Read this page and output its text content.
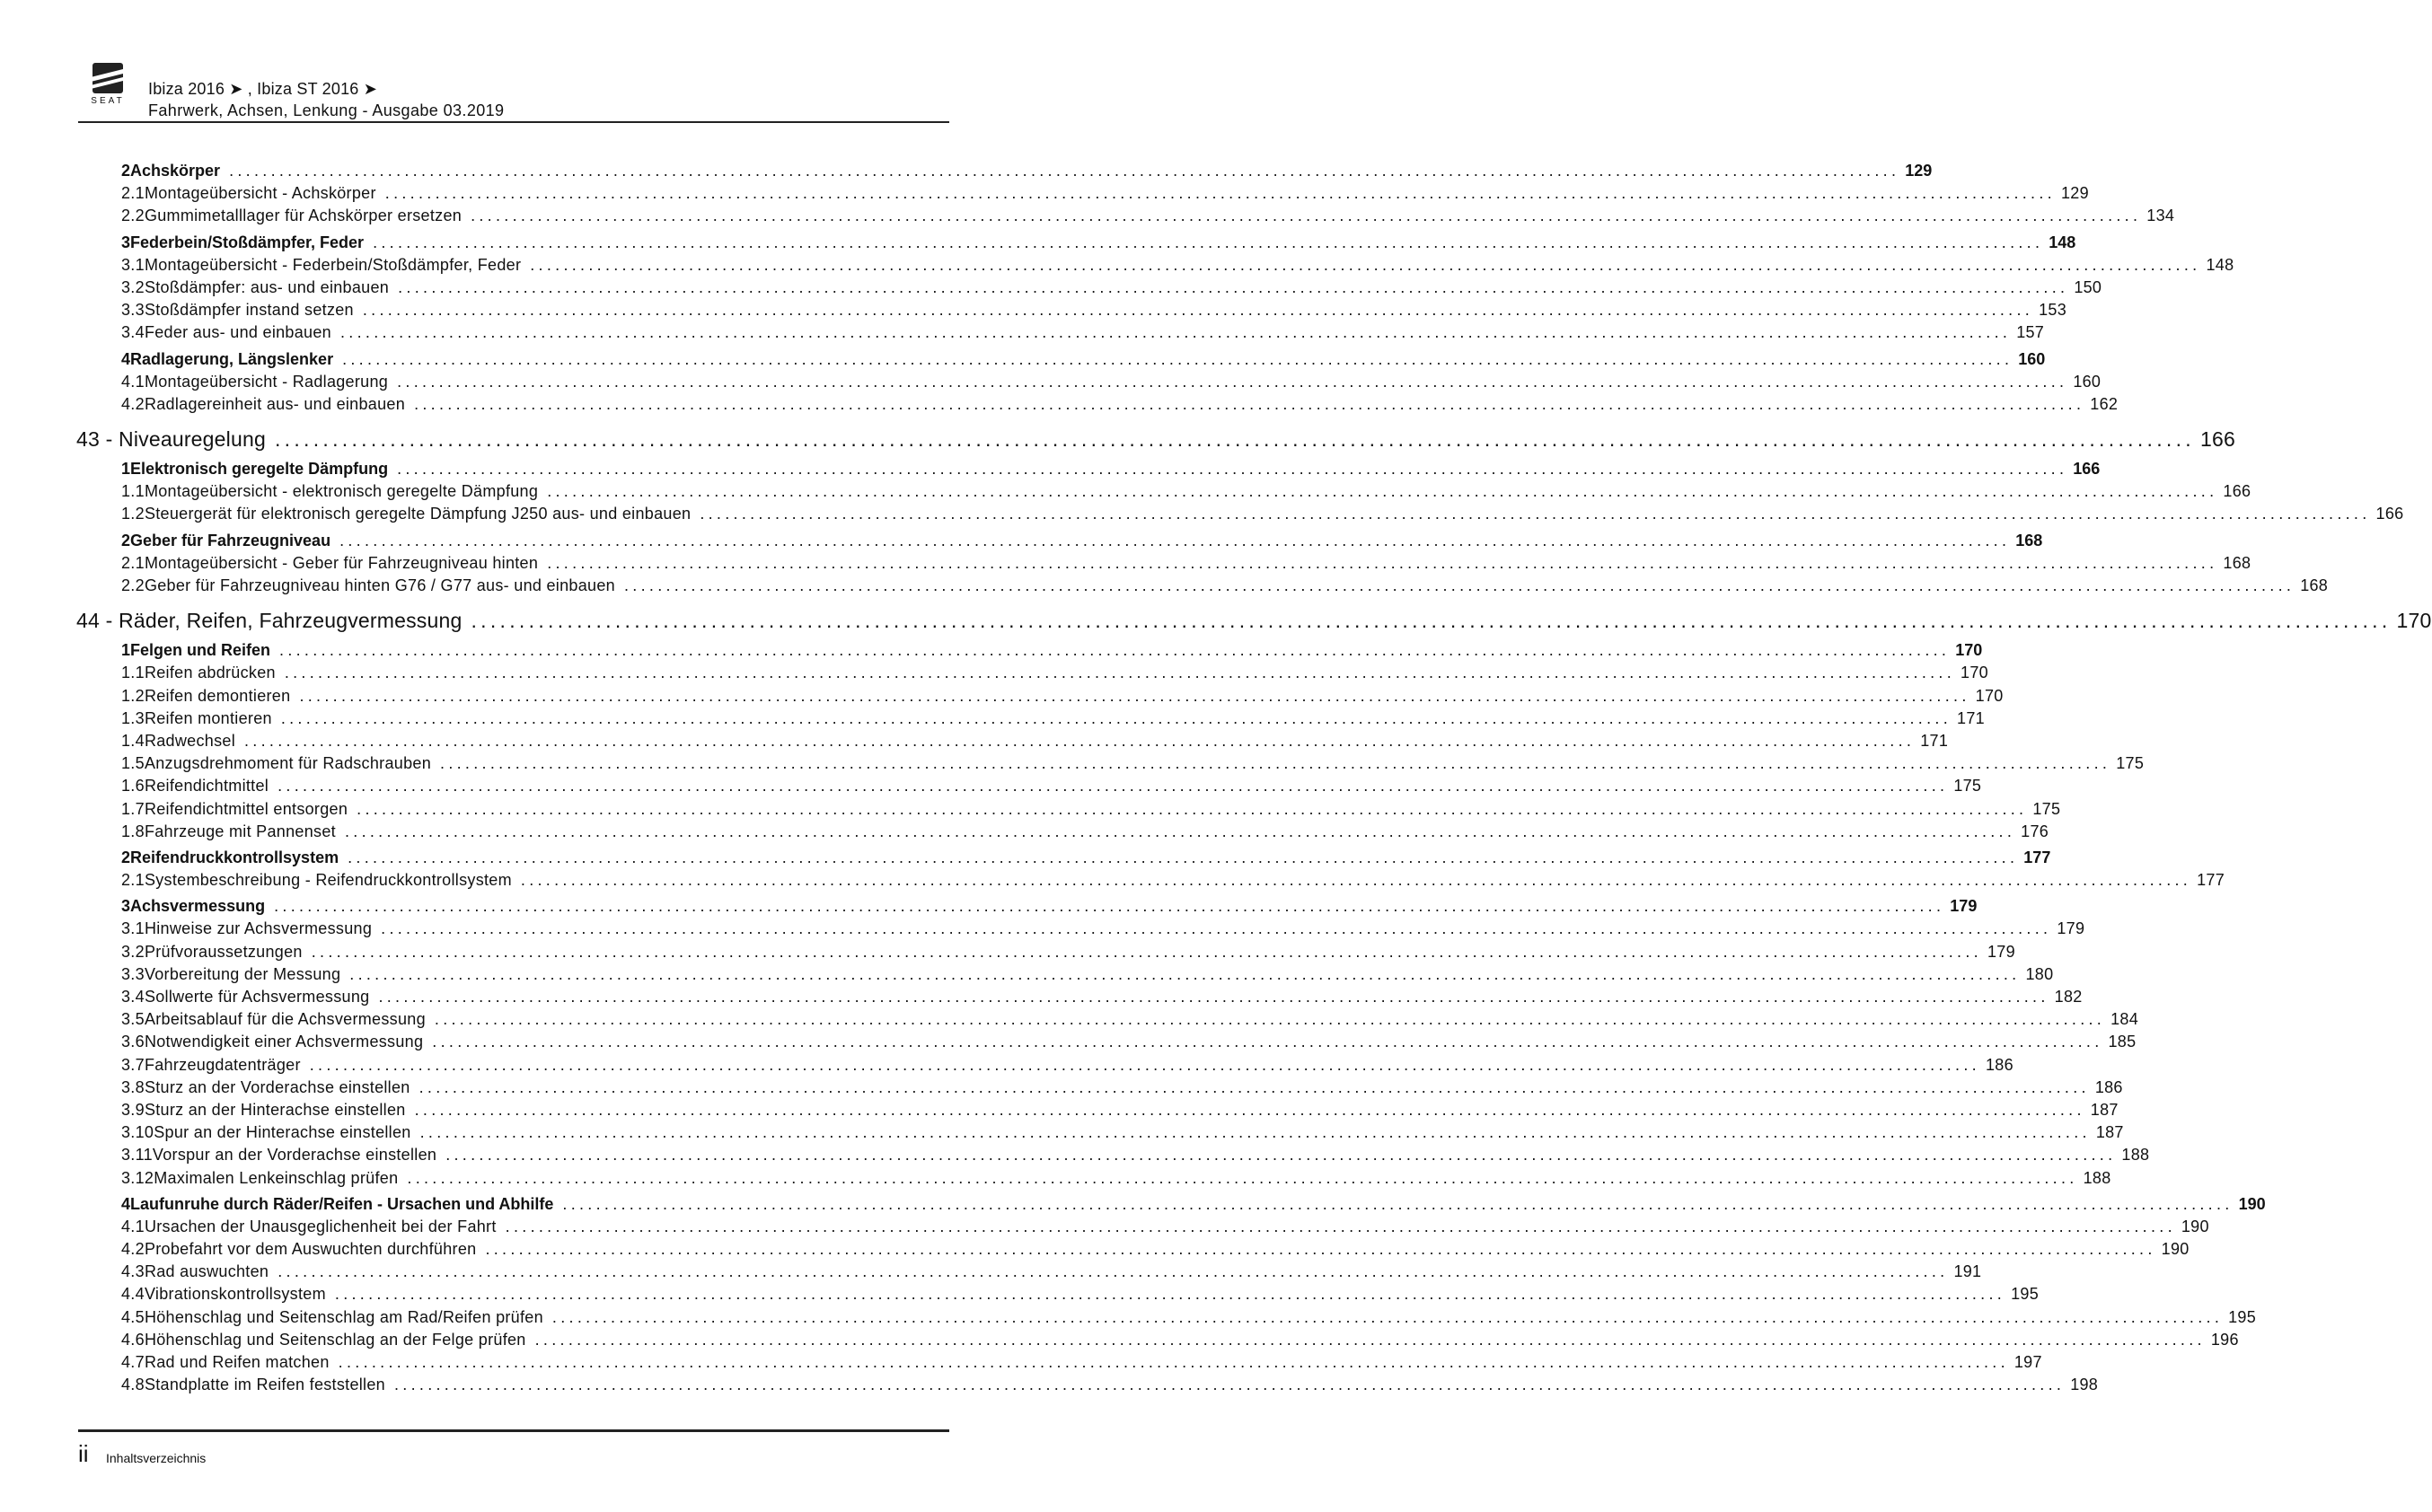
SEAT
Ibiza 2016 ➤ , Ibiza ST 2016 ➤
Fahrwerk, Achsen, Lenkung - Ausgabe 03.2019
2 Achskörper ........................................................................................................................................................................................................ 129
2.1 Montageübersicht - Achskörper ........................................................................................................................................................................................................ 129
2.2 Gummimetalllager für Achskörper ersetzen ........................................................................................................................................................................................................ 134
3 Federbein/Stoßdämpfer, Feder ........................................................................................................................................................................................................ 148
3.1 Montageübersicht - Federbein/Stoßdämpfer, Feder ........................................................................................................................................................................................................ 148
3.2 Stoßdämpfer: aus- und einbauen ........................................................................................................................................................................................................ 150
3.3 Stoßdämpfer instand setzen ........................................................................................................................................................................................................ 153
3.4 Feder aus- und einbauen ........................................................................................................................................................................................................ 157
4 Radlagerung, Längslenker ........................................................................................................................................................................................................ 160
4.1 Montageübersicht - Radlagerung ........................................................................................................................................................................................................ 160
4.2 Radlagereinheit aus- und einbauen ........................................................................................................................................................................................................ 162
43 - Niveauregelung ........................................................................................................................................................................................................ 166
1 Elektronisch geregelte Dämpfung ........................................................................................................................................................................................................ 166
1.1 Montageübersicht - elektronisch geregelte Dämpfung ........................................................................................................................................................................................................ 166
1.2 Steuergerät für elektronisch geregelte Dämpfung J250 aus- und einbauen ........................................................................................................................................................................................................ 166
2 Geber für Fahrzeugniveau ........................................................................................................................................................................................................ 168
2.1 Montageübersicht - Geber für Fahrzeugniveau hinten ........................................................................................................................................................................................................ 168
2.2 Geber für Fahrzeugniveau hinten G76 / G77 aus- und einbauen ........................................................................................................................................................................................................ 168
44 - Räder, Reifen, Fahrzeugvermessung ........................................................................................................................................................................................................ 170
1 Felgen und Reifen ........................................................................................................................................................................................................ 170
1.1 Reifen abdrücken ........................................................................................................................................................................................................ 170
1.2 Reifen demontieren ........................................................................................................................................................................................................ 170
1.3 Reifen montieren ........................................................................................................................................................................................................ 171
1.4 Radwechsel ........................................................................................................................................................................................................ 171
1.5 Anzugsdrehmoment für Radschrauben ........................................................................................................................................................................................................ 175
1.6 Reifendichtmittel ........................................................................................................................................................................................................ 175
1.7 Reifendichtmittel entsorgen ........................................................................................................................................................................................................ 175
1.8 Fahrzeuge mit Pannenset ........................................................................................................................................................................................................ 176
2 Reifendruckkontrollsystem ........................................................................................................................................................................................................ 177
2.1 Systembeschreibung - Reifendruckkontrollsystem ........................................................................................................................................................................................................ 177
3 Achsvermessung ........................................................................................................................................................................................................ 179
3.1 Hinweise zur Achsvermessung ........................................................................................................................................................................................................ 179
3.2 Prüfvoraussetzungen ........................................................................................................................................................................................................ 179
3.3 Vorbereitung der Messung ........................................................................................................................................................................................................ 180
3.4 Sollwerte für Achsvermessung ........................................................................................................................................................................................................ 182
3.5 Arbeitsablauf für die Achsvermessung ........................................................................................................................................................................................................ 184
3.6 Notwendigkeit einer Achsvermessung ........................................................................................................................................................................................................ 185
3.7 Fahrzeugdatenträger ........................................................................................................................................................................................................ 186
3.8 Sturz an der Vorderachse einstellen ........................................................................................................................................................................................................ 186
3.9 Sturz an der Hinterachse einstellen ........................................................................................................................................................................................................ 187
3.10 Spur an der Hinterachse einstellen ........................................................................................................................................................................................................ 187
3.11 Vorspur an der Vorderachse einstellen ........................................................................................................................................................................................................ 188
3.12 Maximalen Lenkeinschlag prüfen ........................................................................................................................................................................................................ 188
4 Laufunruhe durch Räder/Reifen - Ursachen und Abhilfe ........................................................................................................................................................................................................ 190
4.1 Ursachen der Unausgeglichenheit bei der Fahrt ........................................................................................................................................................................................................ 190
4.2 Probefahrt vor dem Auswuchten durchführen ........................................................................................................................................................................................................ 190
4.3 Rad auswuchten ........................................................................................................................................................................................................ 191
4.4 Vibrationskontrollsystem ........................................................................................................................................................................................................ 195
4.5 Höhenschlag und Seitenschlag am Rad/Reifen prüfen ........................................................................................................................................................................................................ 195
4.6 Höhenschlag und Seitenschlag an der Felge prüfen ........................................................................................................................................................................................................ 196
4.7 Rad und Reifen matchen ........................................................................................................................................................................................................ 197
4.8 Standplatte im Reifen feststellen ........................................................................................................................................................................................................ 198
ii Inhaltsverzeichnis
